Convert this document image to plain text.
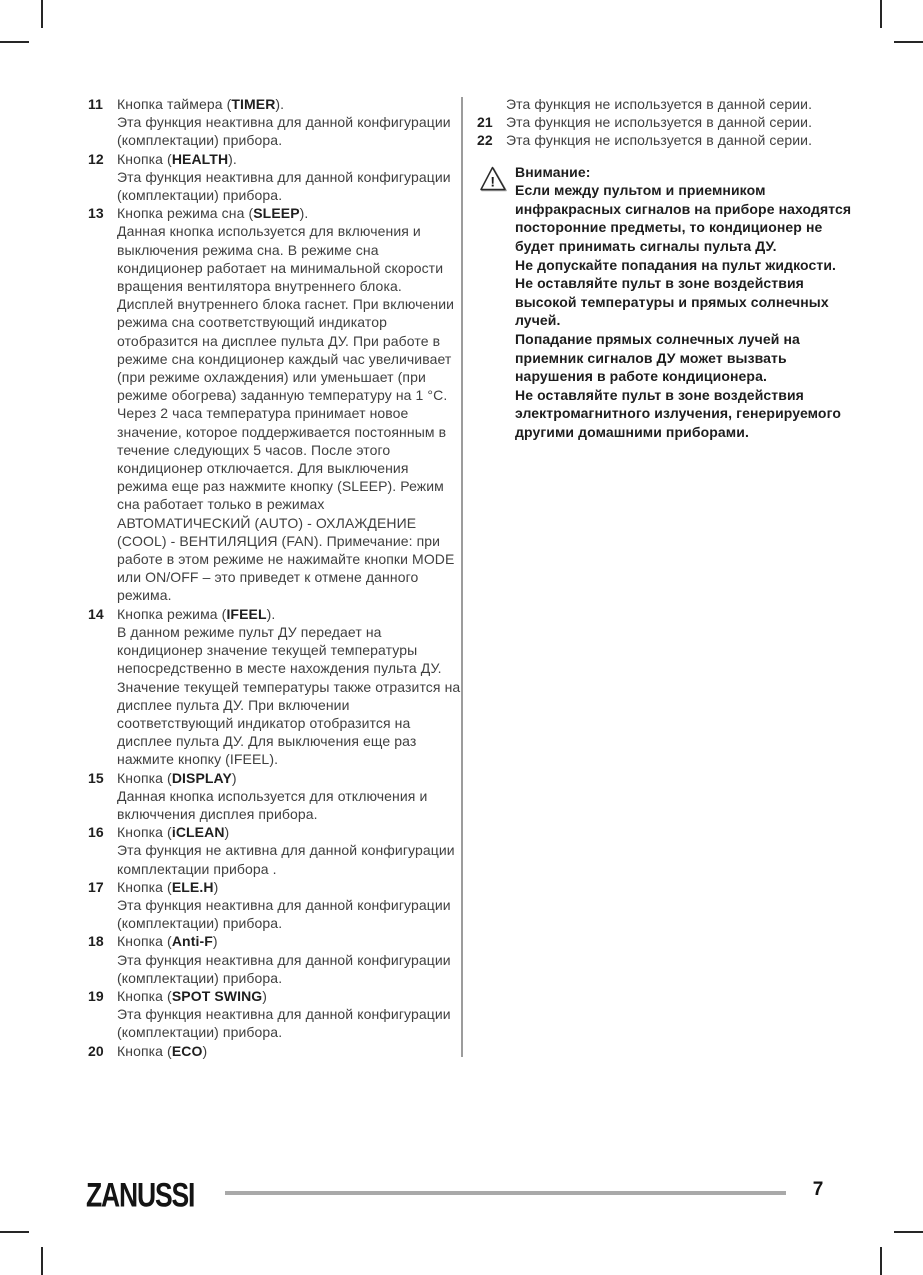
11	Кнопка таймера (TIMER).
Эта функция неактивна для данной конфигурации (комплектации) прибора.
12 Кнопка (HEALTH).
Эта функция неактивна для данной конфигурации (комплектации) прибора.
13 Кнопка режима сна (SLEEP).
Данная кнопка используется для включения и выключения режима сна. В режиме сна кондиционер работает на минимальной скорости вращения вентилятора внутреннего блока. Дисплей внутреннего блока гаснет. При включении режима сна соответствующий индикатор отобразится на дисплее пульта ДУ. При работе в режиме сна кондиционер каждый час увеличивает (при режиме охлаждения) или уменьшает (при режиме обогрева) заданную температуру на 1 °C. Через 2 часа температура принимает новое значение, которое поддерживается постоянным в течение следующих 5 часов. После этого кондиционер отключается. Для выключения режима еще раз нажмите кнопку (SLEEP). Режим сна работает только в режимах АВТОМАТИЧЕСКИЙ (AUTO) - ОХЛАЖДЕНИЕ (COOL) - ВЕНТИЛЯЦИЯ (FAN). Примечание: при работе в этом режиме не нажимайте кнопки MODE или ON/OFF – это приведет к отмене данного режима.
14 Кнопка режима (IFEEL).
В данном режиме пульт ДУ передает на кондиционер значение текущей температуры непосредственно в месте нахождения пульта ДУ. Значение текущей температуры также отразится на дисплее пульта ДУ. При включении соответствующий индикатор отобразится на дисплее пульта ДУ. Для выключения еще раз нажмите кнопку (IFEEL).
15 Кнопка (DISPLAY)
Данная кнопка используется для отключения и включчения дисплея прибора.
16 Кнопка (iCLEAN)
Эта функция не активна для данной конфигурации комплектации прибора .
17 Кнопка (ELE.H)
Эта функция неактивна для данной конфигурации (комплектации) прибора.
18 Кнопка (Anti-F)
Эта функция неактивна для данной конфигурации (комплектации) прибора.
19 Кнопка (SPOT SWING)
Эта функция неактивна для данной конфигурации (комплектации) прибора.
20 Кнопка (ECO)
Эта функция не используется в данной серии.
21 Эта функция не используется в данной серии.
22 Эта функция не используется в данной серии.
!
Внимание:

Если между пультом и приемником инфракрасных сигналов на приборе находятся посторонние предметы, то кондиционер не будет принимать сигналы пульта ДУ.

Не допускайте попадания на пульт жидкости.

Не оставляйте пульт в зоне воздействия высокой температуры и прямых солнечных лучей.

Попадание прямых солнечных лучей на приемник сигналов ДУ может вызвать нарушения в работе кондиционера.

Не оставляйте пульт в зоне воздействия электромагнитного излучения, генерируемого другими домашними приборами.

ZANUSSI	7
